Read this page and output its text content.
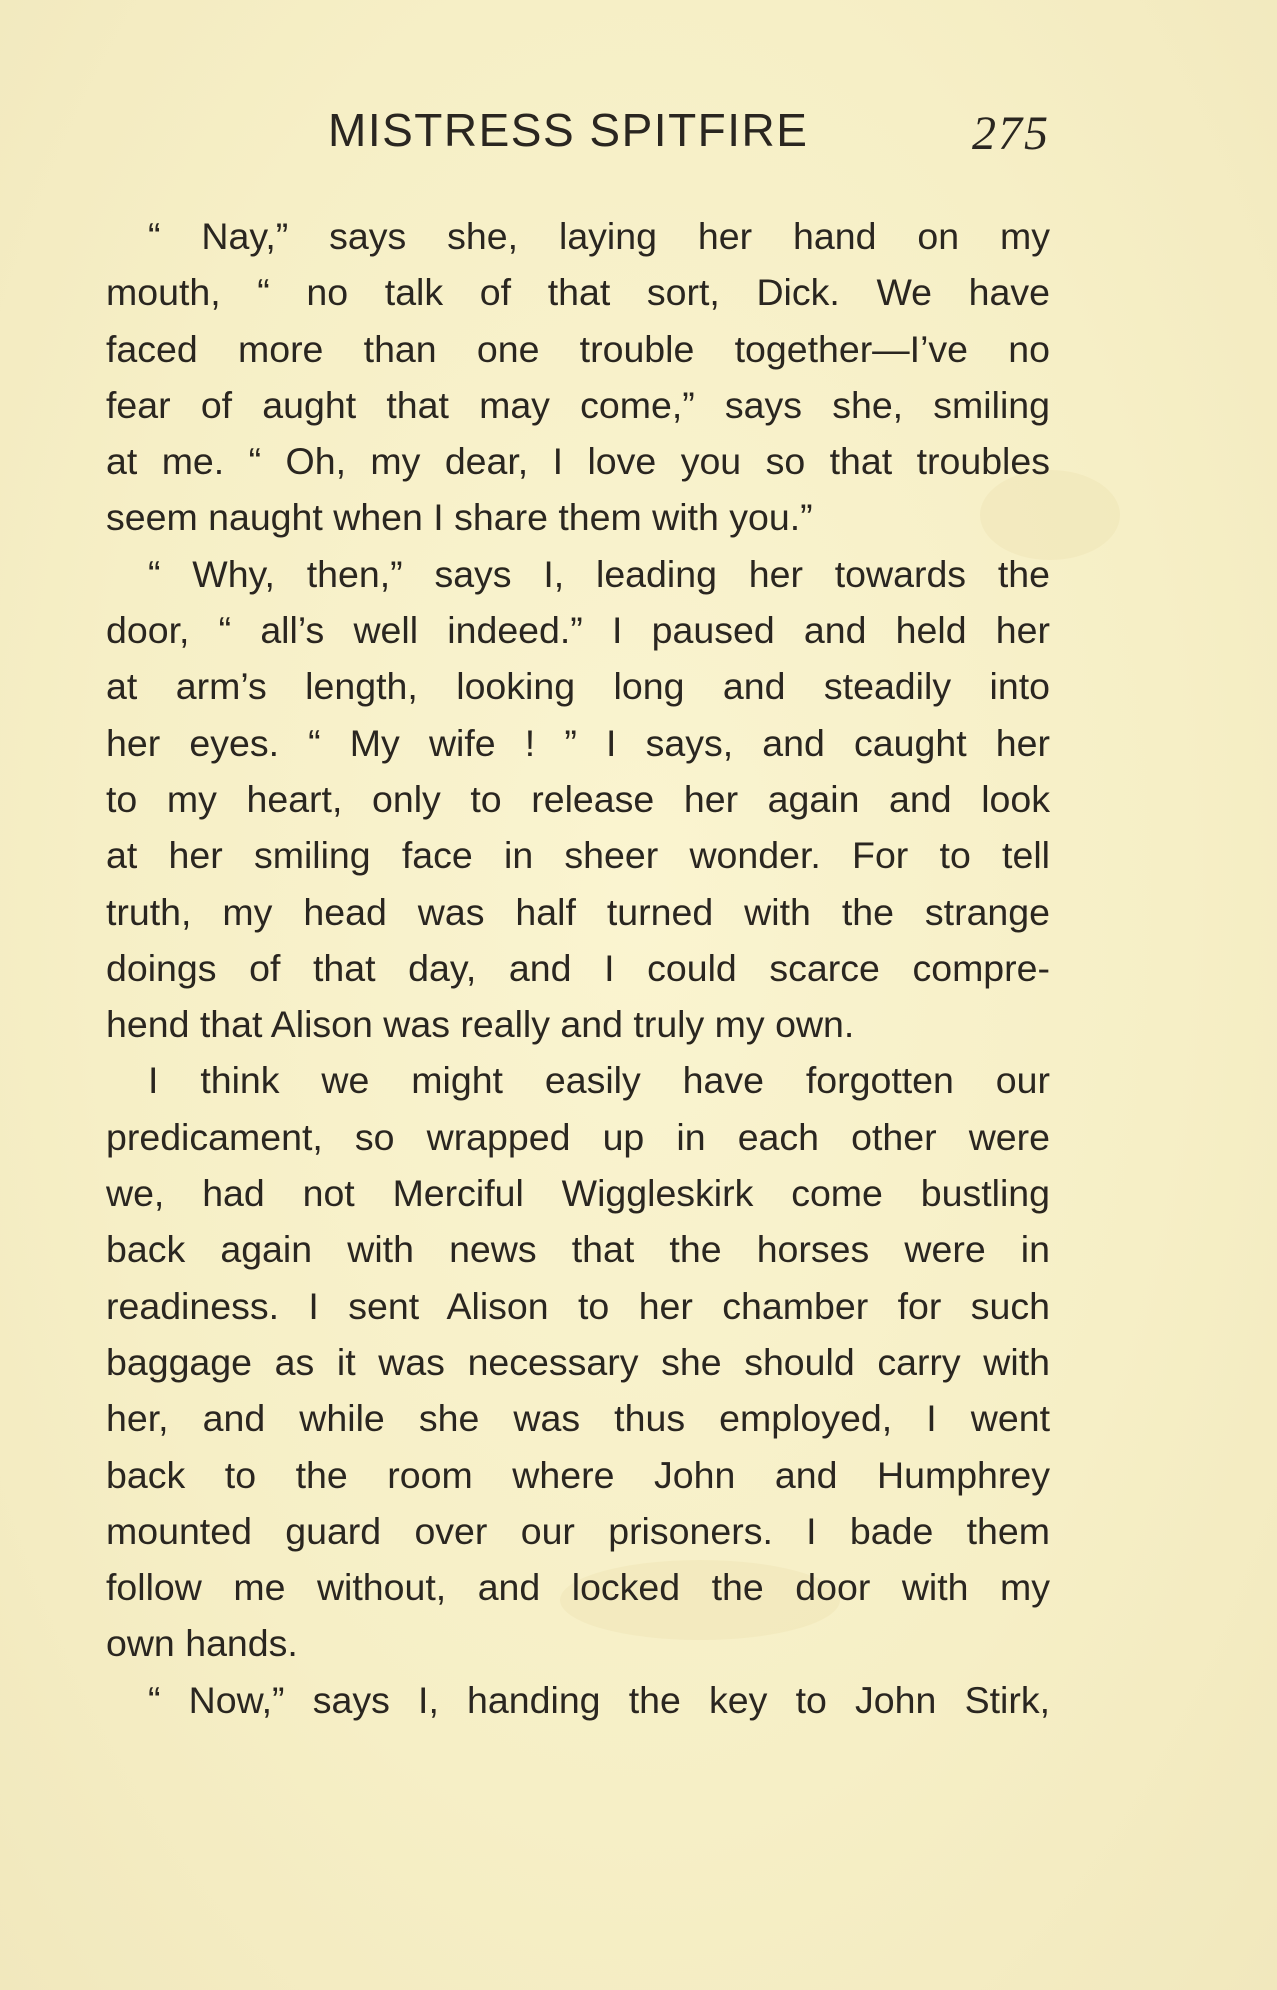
MISTRESS SPITFIRE	275
“ Nay,” says she, laying her hand on my
mouth, “ no talk of that sort, Dick. We have
faced more than one trouble together—I’ve no
fear of aught that may come,” says she, smiling
at me. “ Oh, my dear, I love you so that troubles
seem naught when I share them with you.”
“ Why, then,” says I, leading her towards the
door, “ all’s well indeed.” I paused and held her
at arm’s length, looking long and steadily into
her eyes. “ My wife ! ” I says, and caught her
to my heart, only to release her again and look
at her smiling face in sheer wonder. For to tell
truth, my head was half turned with the strange
doings of that day, and I could scarce compre-
hend that Alison was really and truly my own.
I think we might easily have forgotten our
predicament, so wrapped up in each other were
we, had not Merciful Wiggleskirk come bustling
back again with news that the horses were in
readiness. I sent Alison to her chamber for such
baggage as it was necessary she should carry with
her, and while she was thus employed, I went
back to the room where John and Humphrey
mounted guard over our prisoners. I bade them
follow me without, and locked the door with my
own hands.
“ Now,” says I, handing the key to John Stirk,
